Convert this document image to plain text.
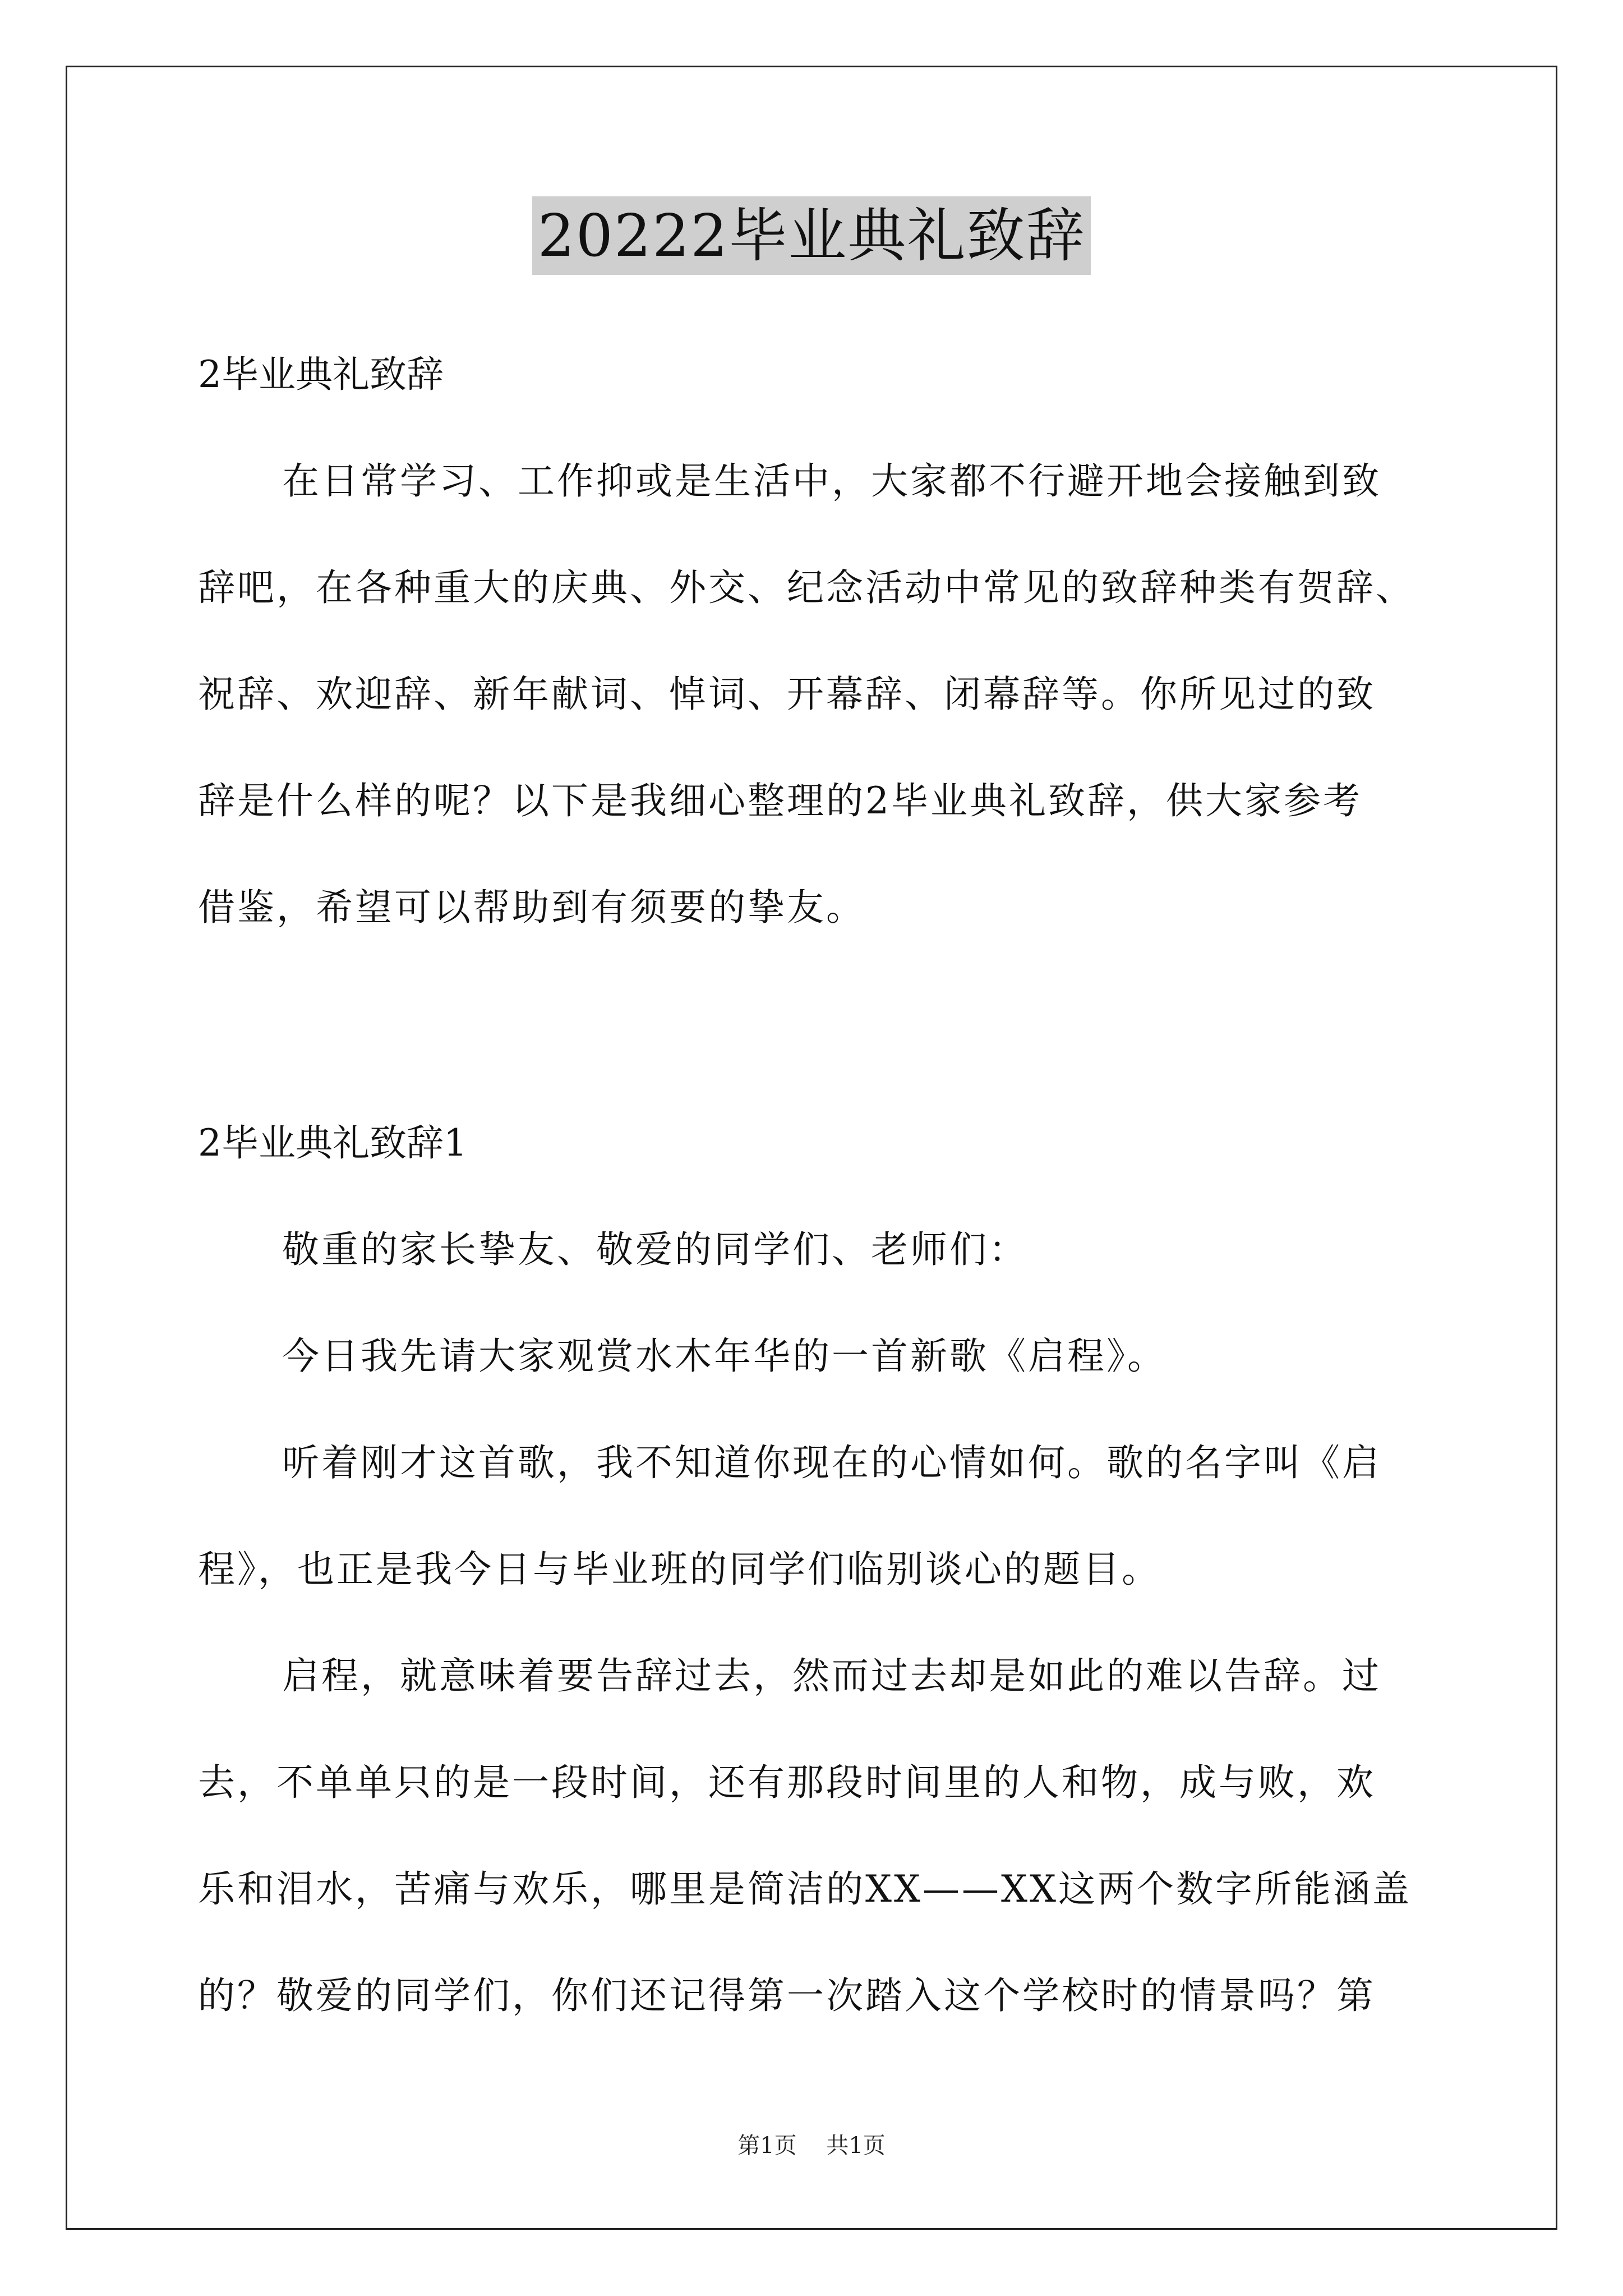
20222毕业典礼致辞

2毕业典礼致辞

在日常学习、工作抑或是生活中，大家都不行避开地会接触到致

辞吧，在各种重大的庆典、外交、纪念活动中常见的致辞种类有贺辞、

祝辞、欢迎辞、新年献词、悼词、开幕辞、闭幕辞等。你所见过的致

辞是什么样的呢？以下是我细心整理的2毕业典礼致辞，供大家参考

借鉴，希望可以帮助到有须要的挚友。

2毕业典礼致辞1

敬重的家长挚友、敬爱的同学们、老师们：

今日我先请大家观赏水木年华的一首新歌《启程》。

听着刚才这首歌，我不知道你现在的心情如何。歌的名字叫《启

程》，也正是我今日与毕业班的同学们临别谈心的题目。

启程，就意味着要告辞过去，然而过去却是如此的难以告辞。过

去，不单单只的是一段时间，还有那段时间里的人和物，成与败，欢

乐和泪水，苦痛与欢乐，哪里是简洁的XX——XX这两个数字所能涵盖

的？敬爱的同学们，你们还记得第一次踏入这个学校时的情景吗？第

第1页 共1页
